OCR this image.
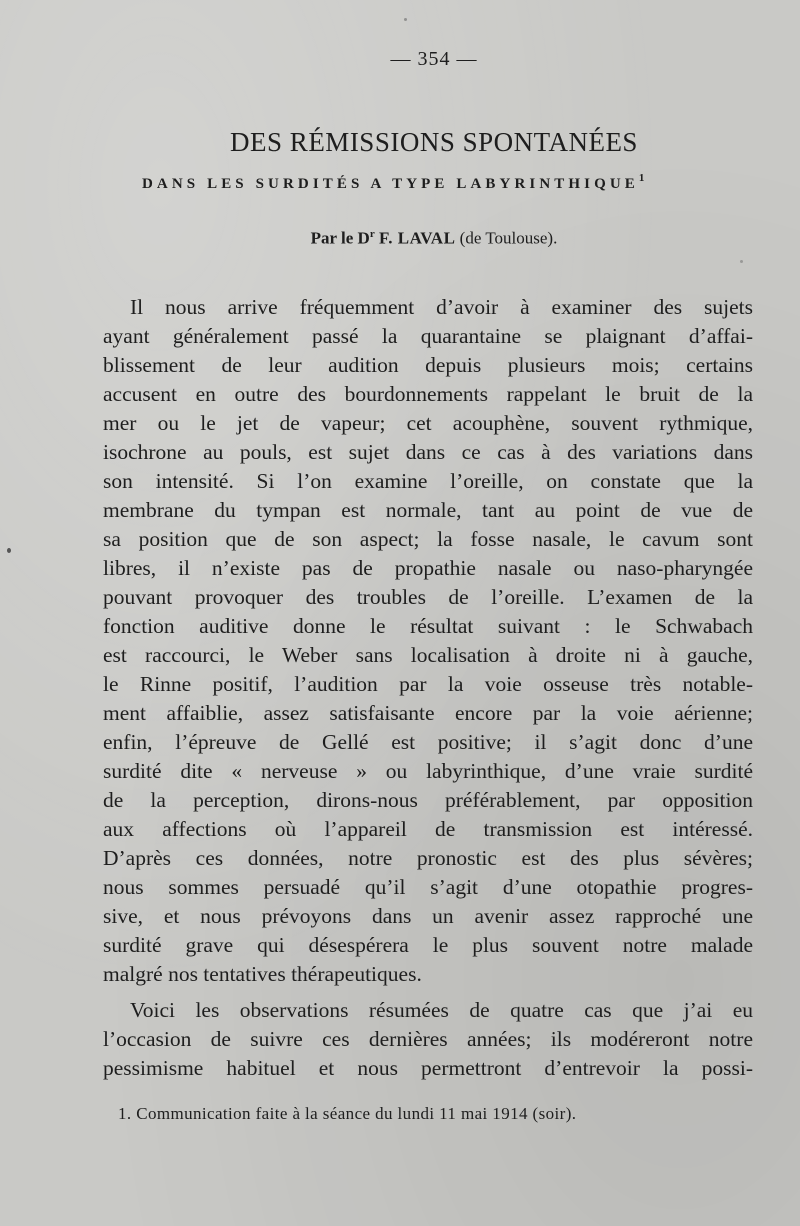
— 354 —
DES RÉMISSIONS SPONTANÉES
DANS LES SURDITÉS A TYPE LABYRINTHIQUE$^1$
Par le $D^r$ F. LAVAL (de Toulouse).
Il nous arrive fréquemment d’avoir à examiner des sujets
ayant généralement passé la quarantaine se plaignant d’affai-
blissement de leur audition depuis plusieurs mois; certains
accusent en outre des bourdonnements rappelant le bruit de la
mer ou le jet de vapeur; cet acouphène, souvent rythmique,
isochrone au pouls, est sujet dans ce cas à des variations dans
son intensité. Si l’on examine l’oreille, on constate que la
membrane du tympan est normale, tant au point de vue de
sa position que de son aspect; la fosse nasale, le cavum sont
libres, il n’existe pas de propathie nasale ou naso-pharyngée
pouvant provoquer des troubles de l’oreille. L’examen de la
fonction auditive donne le résultat suivant : le Schwabach
est raccourci, le Weber sans localisation à droite ni à gauche,
le Rinne positif, l’audition par la voie osseuse très notable-
ment affaiblie, assez satisfaisante encore par la voie aérienne;
enfin, l’épreuve de Gellé est positive; il s’agit donc d’une
surdité dite « nerveuse » ou labyrinthique, d’une vraie surdité
de la perception, dirons-nous préférablement, par opposition
aux affections où l’appareil de transmission est intéressé.
D’après ces données, notre pronostic est des plus sévères;
nous sommes persuadé qu’il s’agit d’une otopathie progres-
sive, et nous prévoyons dans un avenir assez rapproché une
surdité grave qui désespérera le plus souvent notre malade
malgré nos tentatives thérapeutiques.
Voici les observations résumées de quatre cas que j’ai eu
l’occasion de suivre ces dernières années; ils modéreront notre
pessimisme habituel et nous permettront d’entrevoir la possi-
1. Communication faite à la séance du lundi 11 mai 1914 (soir).
